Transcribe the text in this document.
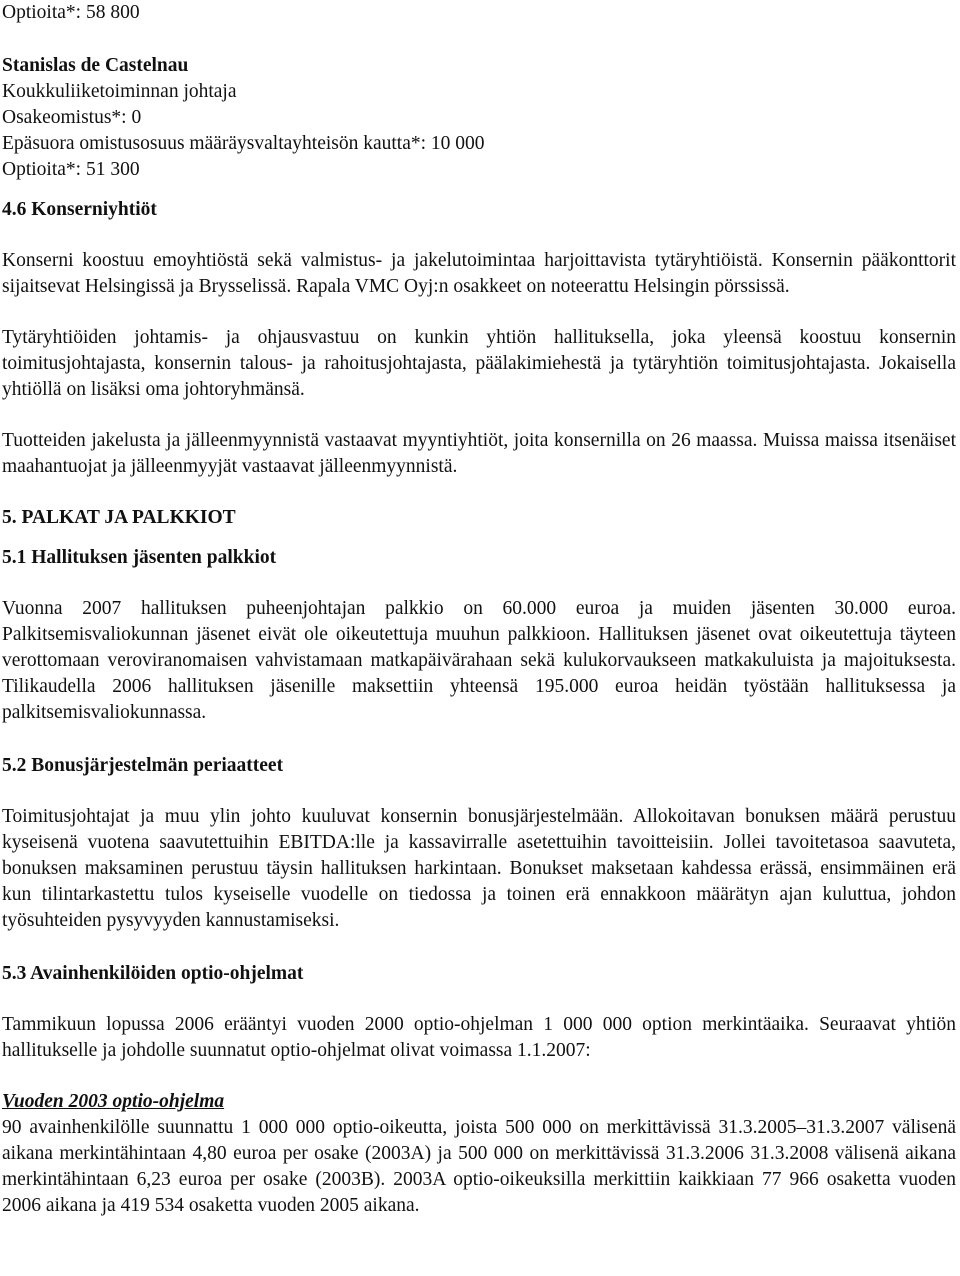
Optioita*: 58 800

Stanislas de Castelnau

Koukkuliiketoiminnan johtaja

Osakeomistus*: 0

Epäsuora omistusosuus määräysvaltayhteisön kautta*: 10 000

Optioita*: 51 300

4.6 Konserniyhtiöt

Konserni koostuu emoyhtiöstä sekä valmistus- ja jakelutoimintaa harjoittavista tytäryhtiöistä. Konsernin pääkonttorit sijaitsevat Helsingissä ja Brysselissä. Rapala VMC Oyj:n osakkeet on noteerattu Helsingin pörssissä.

Tytäryhtiöiden johtamis- ja ohjausvastuu on kunkin yhtiön hallituksella, joka yleensä koostuu konsernin toimitusjohtajasta, konsernin talous- ja rahoitusjohtajasta, päälakimiehestä ja tytäryhtiön toimitusjohtajasta. Jokaisella yhtiöllä on lisäksi oma johtoryhmänsä.

Tuotteiden jakelusta ja jälleenmyynnistä vastaavat myyntiyhtiöt, joita konsernilla on 26 maassa. Muissa maissa itsenäiset maahantuojat ja jälleenmyyjät vastaavat jälleenmyynnistä.

5. PALKAT JA PALKKIOT

5.1 Hallituksen jäsenten palkkiot

Vuonna 2007 hallituksen puheenjohtajan palkkio on 60.000 euroa ja muiden jäsenten 30.000 euroa. Palkitsemisvaliokunnan jäsenet eivät ole oikeutettuja muuhun palkkioon. Hallituksen jäsenet ovat oikeutettuja täyteen verottomaan veroviranomaisen vahvistamaan matkapäivärahaan sekä kulukorvaukseen matkakuluista ja majoituksesta. Tilikaudella 2006 hallituksen jäsenille maksettiin yhteensä 195.000 euroa heidän työstään hallituksessa ja palkitsemisvaliokunnassa.

5.2 Bonusjärjestelmän periaatteet

Toimitusjohtajat ja muu ylin johto kuuluvat konsernin bonusjärjestelmään. Allokoitavan bonuksen määrä perustuu kyseisenä vuotena saavutettuihin EBITDA:lle ja kassavirralle asetettuihin tavoitteisiin. Jollei tavoitetasoa saavuteta, bonuksen maksaminen perustuu täysin hallituksen harkintaan. Bonukset maksetaan kahdessa erässä, ensimmäinen erä kun tilintarkastettu tulos kyseiselle vuodelle on tiedossa ja toinen erä ennakkoon määrätyn ajan kuluttua, johdon työsuhteiden pysyvyyden kannustamiseksi.

5.3 Avainhenkilöiden optio-ohjelmat

Tammikuun lopussa 2006 erääntyi vuoden 2000 optio-ohjelman 1 000 000 option merkintäaika. Seuraavat yhtiön hallitukselle ja johdolle suunnatut optio-ohjelmat olivat voimassa 1.1.2007:

Vuoden 2003 optio-ohjelma

90 avainhenkilölle suunnattu 1 000 000 optio-oikeutta, joista 500 000 on merkittävissä 31.3.2005–31.3.2007 välisenä aikana merkintähintaan 4,80 euroa per osake (2003A) ja 500 000 on merkittävissä 31.3.2006 31.3.2008 välisenä aikana merkintähintaan 6,23 euroa per osake (2003B). 2003A optio-oikeuksilla merkittiin kaikkiaan 77 966 osaketta vuoden 2006 aikana ja 419 534 osaketta vuoden 2005 aikana.
